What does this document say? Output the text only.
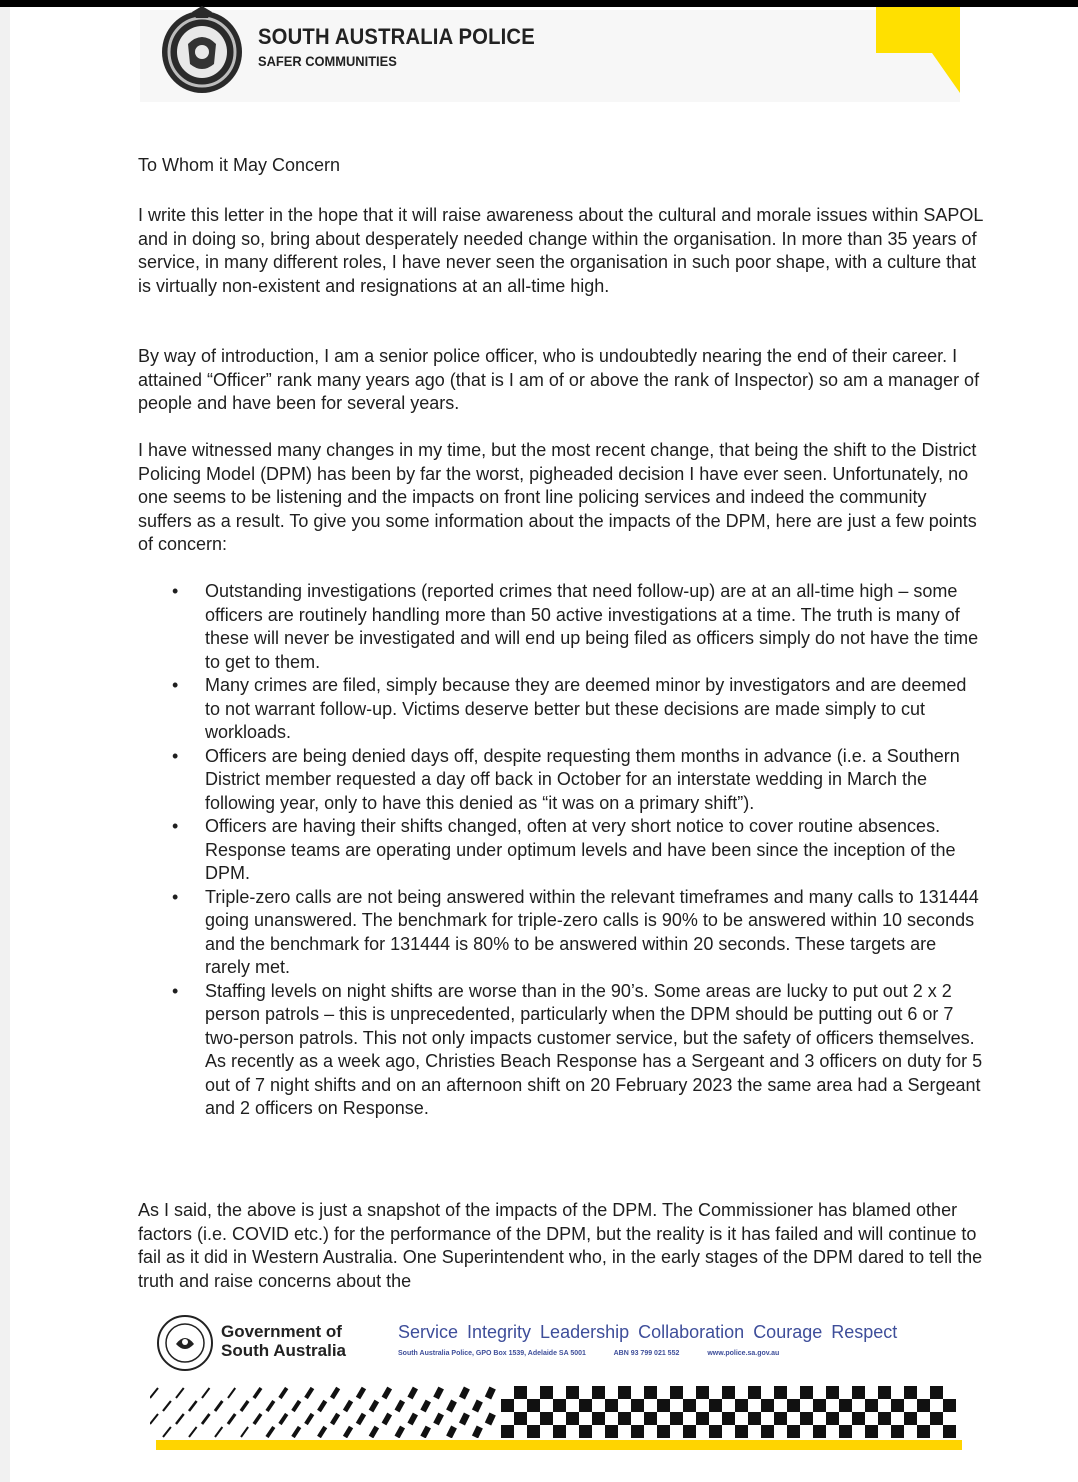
SOUTH AUSTRALIA POLICE
SAFER COMMUNITIES

To Whom it May Concern

I write this letter in the hope that it will raise awareness about the cultural and morale issues within SAPOL and in doing so, bring about desperately needed change within the organisation. In more than 35 years of service, in many different roles, I have never seen the organisation in such poor shape, with a culture that is virtually non-existent and resignations at an all-time high.

By way of introduction, I am a senior police officer, who is undoubtedly nearing the end of their career. I attained “Officer” rank many years ago (that is I am of or above the rank of Inspector) so am a manager of people and have been for several years.

I have witnessed many changes in my time, but the most recent change, that being the shift to the District Policing Model (DPM) has been by far the worst, pigheaded decision I have ever seen. Unfortunately, no one seems to be listening and the impacts on front line policing services and indeed the community suffers as a result. To give you some information about the impacts of the DPM, here are just a few points of concern:

• Outstanding investigations (reported crimes that need follow-up) are at an all-time high – some officers are routinely handling more than 50 active investigations at a time. The truth is many of these will never be investigated and will end up being filed as officers simply do not have the time to get to them.
• Many crimes are filed, simply because they are deemed minor by investigators and are deemed to not warrant follow-up. Victims deserve better but these decisions are made simply to cut workloads.
• Officers are being denied days off, despite requesting them months in advance (i.e. a Southern District member requested a day off back in October for an interstate wedding in March the following year, only to have this denied as “it was on a primary shift”).
• Officers are having their shifts changed, often at very short notice to cover routine absences. Response teams are operating under optimum levels and have been since the inception of the DPM.
• Triple-zero calls are not being answered within the relevant timeframes and many calls to 131444 going unanswered. The benchmark for triple-zero calls is 90% to be answered within 10 seconds and the benchmark for 131444 is 80% to be answered within 20 seconds. These targets are rarely met.
• Staffing levels on night shifts are worse than in the 90’s. Some areas are lucky to put out 2 x 2 person patrols – this is unprecedented, particularly when the DPM should be putting out 6 or 7 two-person patrols. This not only impacts customer service, but the safety of officers themselves. As recently as a week ago, Christies Beach Response has a Sergeant and 3 officers on duty for 5 out of 7 night shifts and on an afternoon shift on 20 February 2023 the same area had a Sergeant and 2 officers on Response.

As I said, the above is just a snapshot of the impacts of the DPM. The Commissioner has blamed other factors (i.e. COVID etc.) for the performance of the DPM, but the reality is it has failed and will continue to fail as it did in Western Australia. One Superintendent who, in the early stages of the DPM dared to tell the truth and raise concerns about the

Government of
South Australia
Service Integrity Leadership Collaboration Courage Respect
South Australia Police, GPO Box 1539, Adelaide SA 5001	ABN 93 799 021 552	www.police.sa.gov.au
